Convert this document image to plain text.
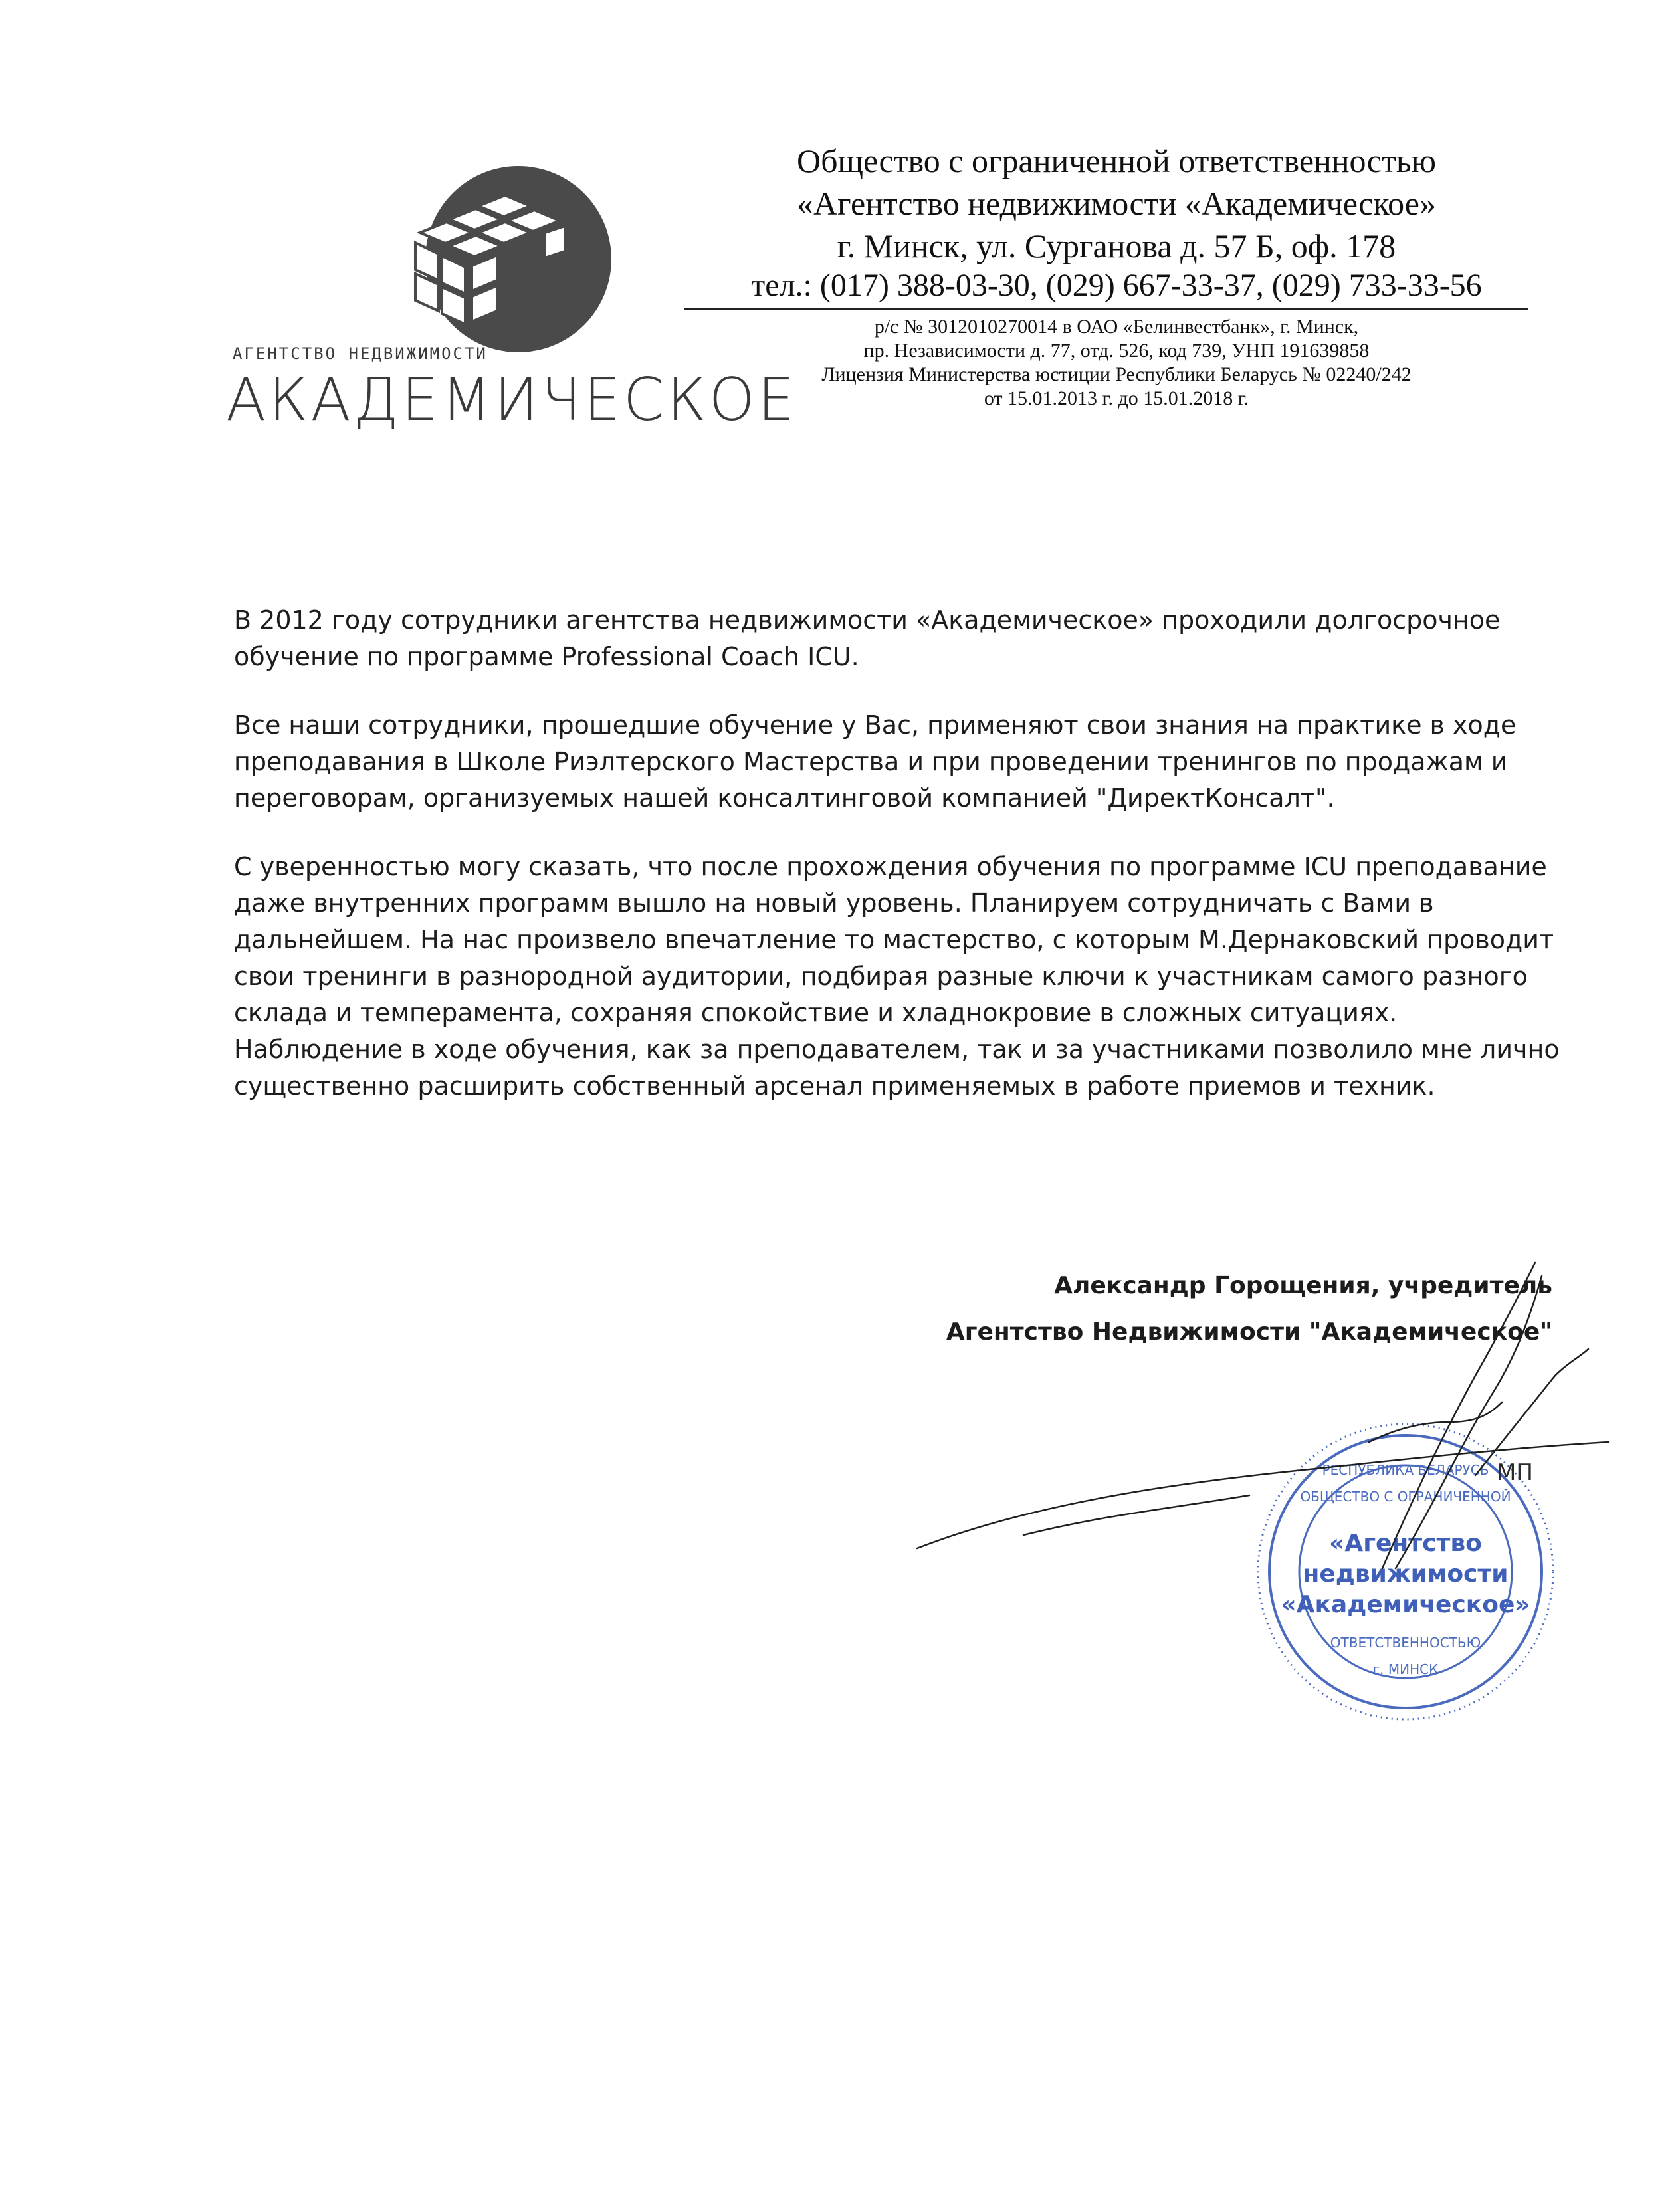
АГЕНТСТВО НЕДВИЖИМОСТИ
АКАДЕМИЧЕСКОЕ
Общество с ограниченной ответственностью
«Агентство недвижимости «Академическое»
г. Минск, ул. Сурганова д. 57 Б, оф. 178
тел.: (017) 388-03-30, (029) 667-33-37, (029) 733-33-56
р/с № 3012010270014 в ОАО «Белинвестбанк», г. Минск,
пр. Независимости д. 77, отд. 526, код 739, УНП 191639858
Лицензия Министерства юстиции Республики Беларусь № 02240/242
от 15.01.2013 г. до 15.01.2018 г.

В 2012 году сотрудники агентства недвижимости «Академическое» проходили долгосрочное
обучение по программе Professional Coach ICU.

Все наши сотрудники, прошедшие обучение у Вас, применяют свои знания на практике в ходе
преподавания в Школе Риэлтерского Мастерства и при проведении тренингов по продажам и
переговорам, организуемых нашей консалтинговой компанией "ДиректКонсалт".

С уверенностью могу сказать, что после прохождения обучения по программе ICU преподавание
даже внутренних программ вышло на новый уровень. Планируем сотрудничать с Вами в
дальнейшем. На нас произвело впечатление то мастерство, с которым М.Дернаковский проводит
свои тренинги в разнородной аудитории, подбирая разные ключи к участникам самого разного
склада и темперамента, сохраняя спокойствие и хладнокровие в сложных ситуациях.
Наблюдение в ходе обучения, как за преподавателем, так и за участниками позволило мне лично
существенно расширить собственный арсенал применяемых в работе приемов и техник.

Александр Горощения, учредитель
Агентство Недвижимости "Академическое"
РЕСПУБЛИКА БЕЛАРУСЬ
ОБЩЕСТВО С ОГРАНИЧЕННОЙ
«Агентство
недвижимости
«Академическое»
ОТВЕТСТВЕННОСТЬЮ
г. МИНСК
МП
